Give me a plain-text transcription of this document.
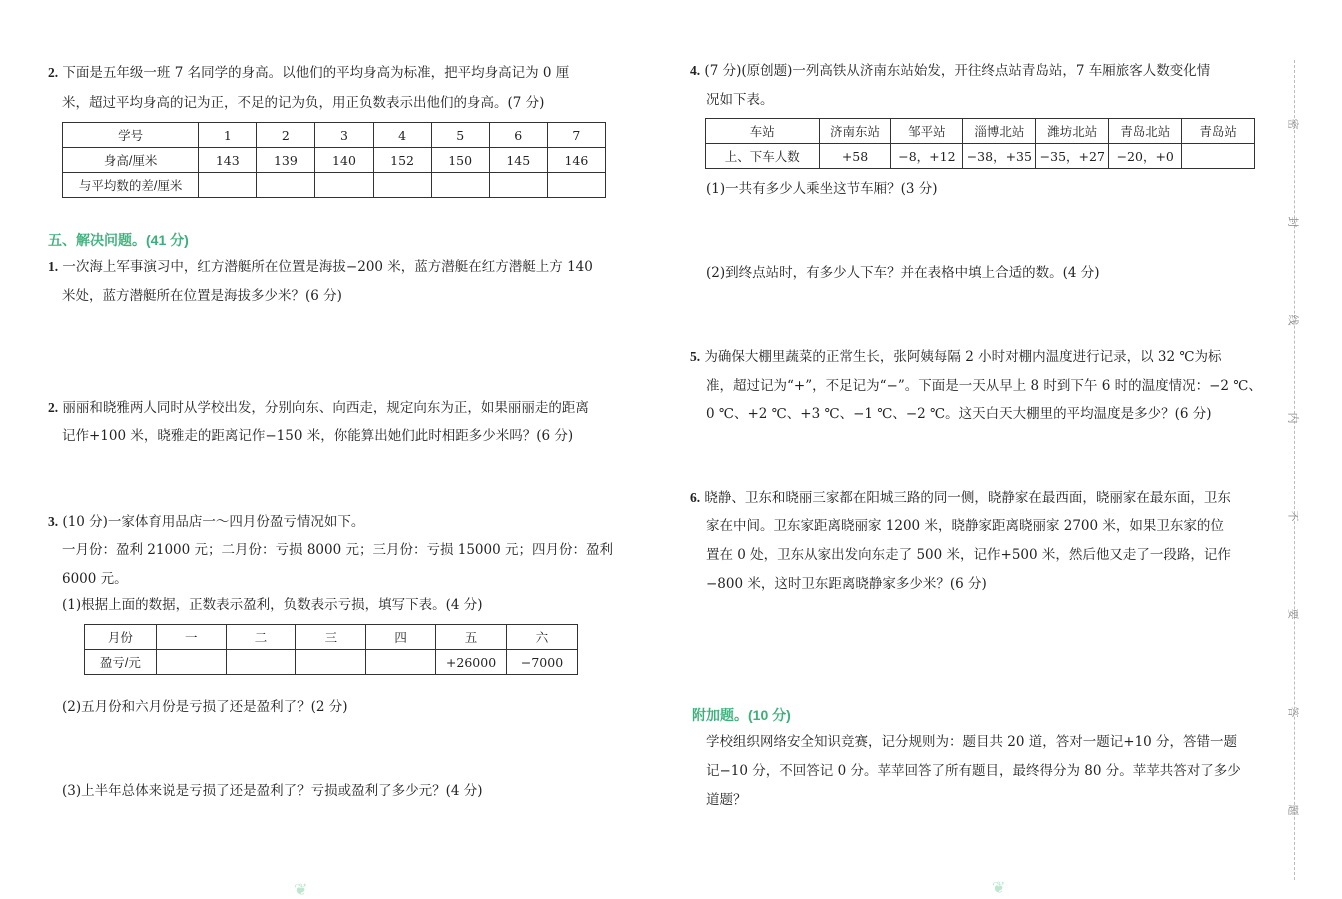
2. 下面是五年级一班 7 名同学的身高。以他们的平均身高为标准，把平均身高记为 0 厘

米，超过平均身高的记为正，不足的记为负，用正负数表示出他们的身高。(7 分)

学号	1	2	3	4	5	6	7
身高/厘米	143	139	140	152	150	145	146
与平均数的差/厘米							
五、解决问题。(41 分)

1. 一次海上军事演习中，红方潜艇所在位置是海拔−200 米，蓝方潜艇在红方潜艇上方 140

米处，蓝方潜艇所在位置是海拔多少米？(6 分)

2. 丽丽和晓雅两人同时从学校出发，分别向东、向西走，规定向东为正，如果丽丽走的距离

记作+100 米，晓雅走的距离记作−150 米，你能算出她们此时相距多少米吗？(6 分)

3. (10 分)一家体育用品店一～四月份盈亏情况如下。

一月份：盈利 21000 元；二月份：亏损 8000 元；三月份：亏损 15000 元；四月份：盈利

6000 元。

(1)根据上面的数据，正数表示盈利，负数表示亏损，填写下表。(4 分)

月份	一	二	三	四	五	六
盈亏/元					+26000	−7000

(2)五月份和六月份是亏损了还是盈利了？(2 分)

(3)上半年总体来说是亏损了还是盈利了？亏损或盈利了多少元？(4 分)

4. (7 分)(原创题)一列高铁从济南东站始发，开往终点站青岛站，7 车厢旅客人数变化情

况如下表。

车站	济南东站	邹平站	淄博北站	潍坊北站	青岛北站	青岛站
上、下车人数	+58	−8，+12	−38，+35	−35，+27	−20，+0	

(1)一共有多少人乘坐这节车厢？(3 分)

(2)到终点站时，有多少人下车？并在表格中填上合适的数。(4 分)

5. 为确保大棚里蔬菜的正常生长，张阿姨每隔 2 小时对棚内温度进行记录，以 32 ℃为标

准，超过记为“+”，不足记为“−”。下面是一天从早上 8 时到下午 6 时的温度情况：−2 ℃、

0 ℃、+2 ℃、+3 ℃、−1 ℃、−2 ℃。这天白天大棚里的平均温度是多少？(6 分)

6. 晓静、卫东和晓丽三家都在阳城三路的同一侧，晓静家在最西面，晓丽家在最东面，卫东

家在中间。卫东家距离晓丽家 1200 米，晓静家距离晓丽家 2700 米，如果卫东家的位

置在 0 处，卫东从家出发向东走了 500 米，记作+500 米，然后他又走了一段路，记作

−800 米，这时卫东距离晓静家多少米？(6 分)

附加题。(10 分)

学校组织网络安全知识竞赛，记分规则为：题目共 20 道，答对一题记+10 分，答错一题

记−10 分，不回答记 0 分。苹苹回答了所有题目，最终得分为 80 分。苹苹共答对了多少

道题？

密
封
线
内
不
要
答
题
❦	❦
